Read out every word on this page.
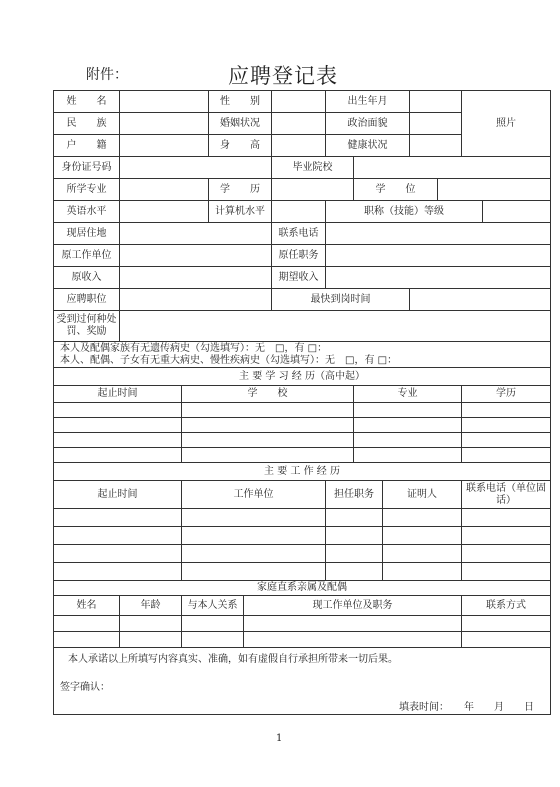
附件：	应聘登记表
姓　　名			性　　别			出生年月					照片	
民　　族			婚姻状况			政治面貌						
户　　籍			身　　高			健康状况						
身份证号码					毕业院校							
所学专业			学　　历				学　　位					
英语水平			计算机水平			职称（技能）等级						
现居住地					联系电话							
原工作单位					原任职务							
原收入					期望收入							
应聘职位					最快到岗时间							
受到过何种处罚、奖励												

本人及配偶家族有无遗传病史（勾选填写）：无　□，有 □：
本人、配偶、子女有无重大病史、慢性疾病史（勾选填写）：无　□，有 □：												

主 要 学 习 经 历（高中起）												
起止时间		学　　校					专业				学历	

主 要 工 作 经 历												
起止时间		工作单位				担任职务		证明人			联系电话（单位固话）	

家庭直系亲属及配偶												
姓名	年龄	与本人关系		现工作单位及职务							联系方式	

本人承诺以上所填写内容真实、准确，如有虚假自行承担所带来一切后果。
签字确认：
填表时间：　　年　　月　　日												
1
